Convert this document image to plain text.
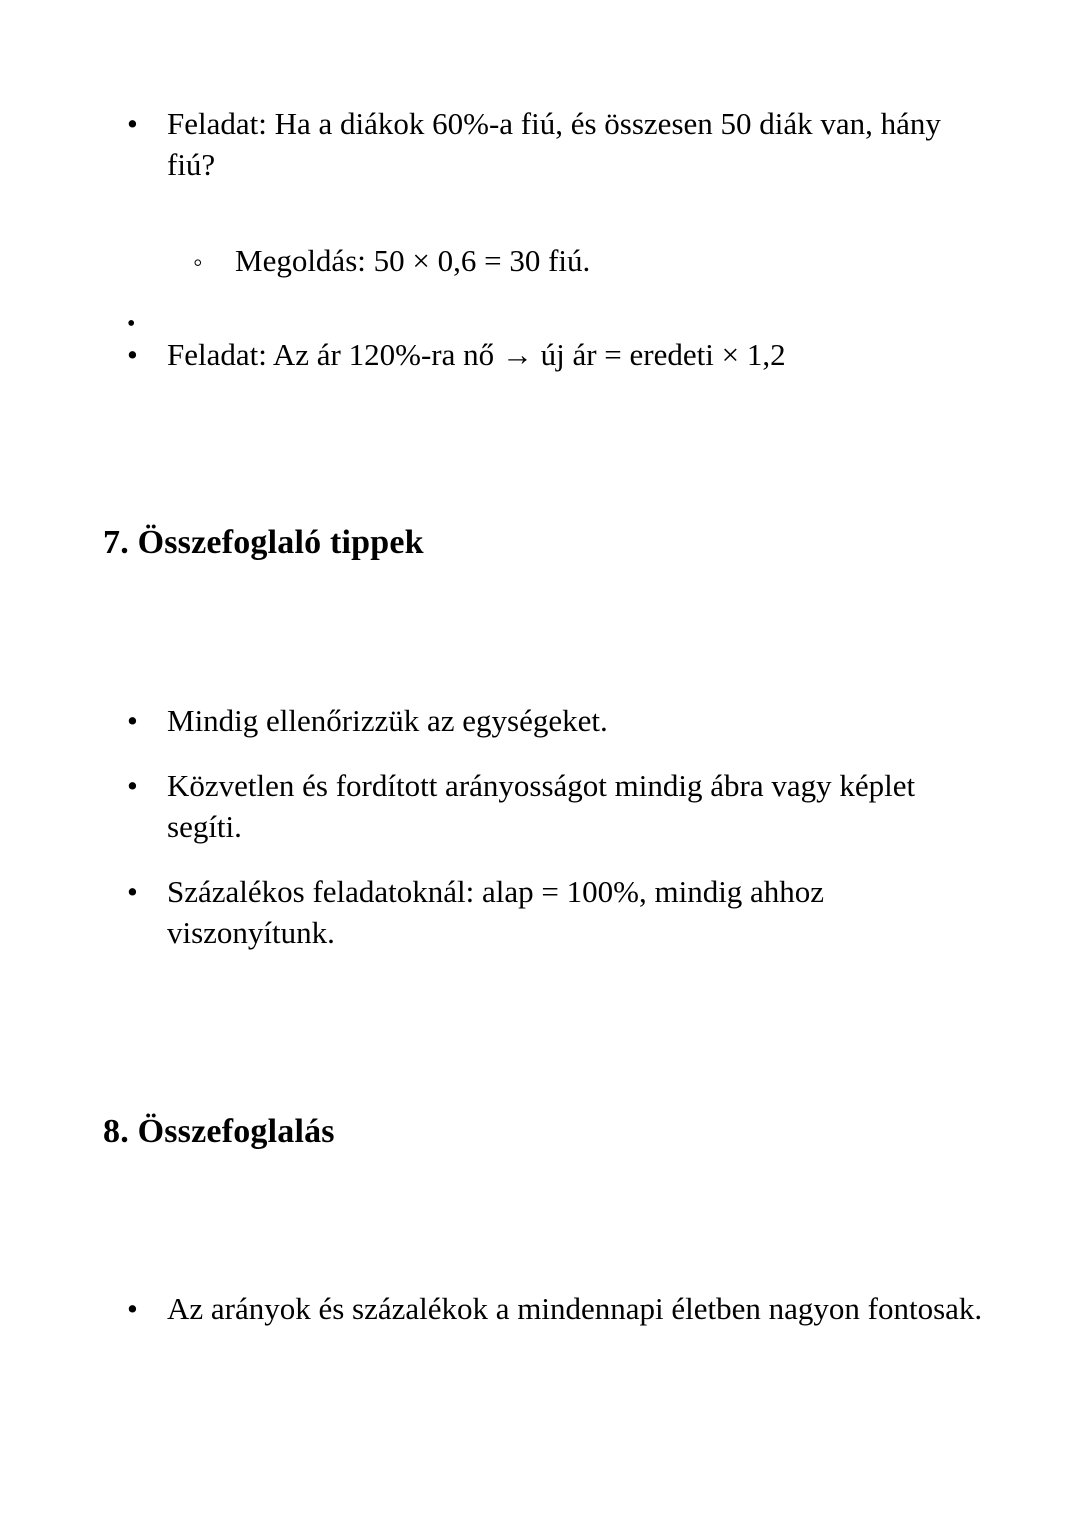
•
Feladat: Ha a diákok 60%-a fiú, és összesen 50 diák van, hány fiú?
◦
Megoldás: 50 × 0,6 = 30 fiú.
•
•
Feladat: Az ár 120%-ra nő → új ár = eredeti × 1,2
7. Összefoglaló tippek
•
Mindig ellenőrizzük az egységeket.
•
Közvetlen és fordított arányosságot mindig ábra vagy képlet segíti.
•
Százalékos feladatoknál: alap = 100%, mindig ahhoz viszonyítunk.
8. Összefoglalás
•
Az arányok és százalékok a mindennapi életben nagyon fontosak.
